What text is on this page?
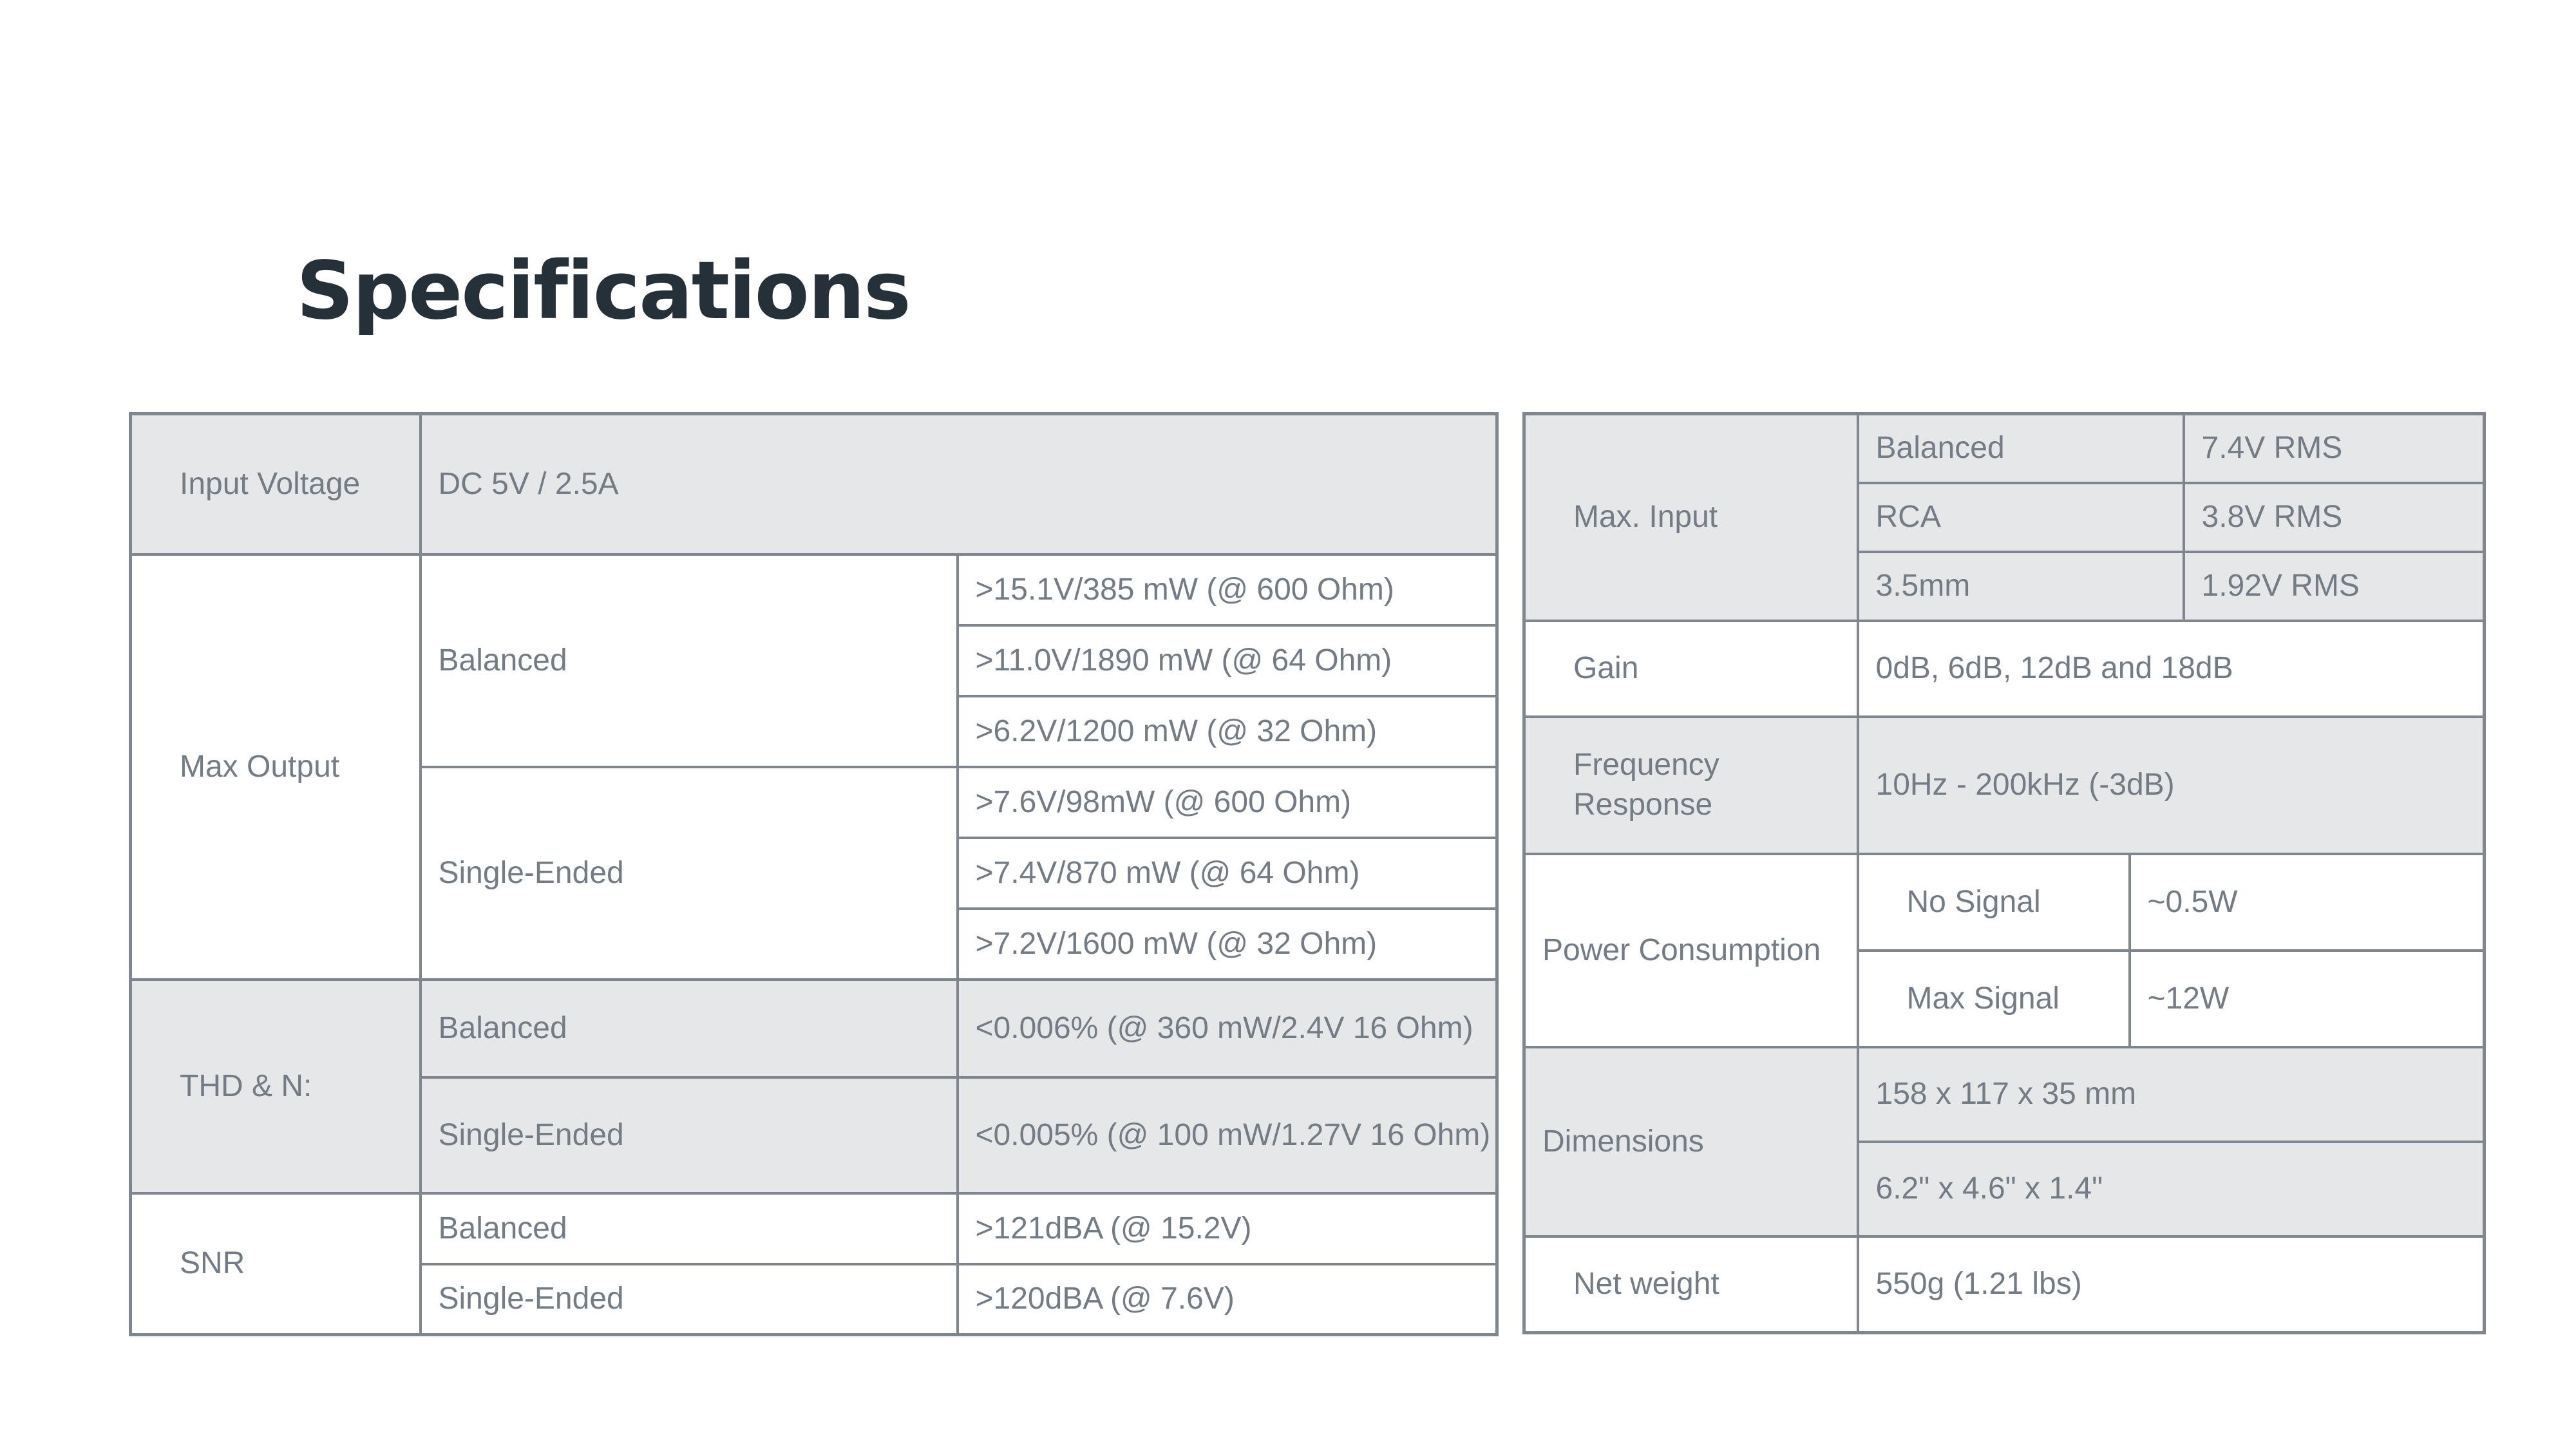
Specifications
Input Voltage	DC 5V / 2.5A	
Max Output	Balanced	>15.1V/385 mW (@ 600 Ohm)
		>11.0V/1890 mW (@ 64 Ohm)
		>6.2V/1200 mW (@ 32 Ohm)
	Single-Ended	>7.6V/98mW (@ 600 Ohm)
		>7.4V/870 mW (@ 64 Ohm)
		>7.2V/1600 mW (@ 32 Ohm)
THD & N:	Balanced	<0.006% (@ 360 mW/2.4V 16 Ohm)
	Single-Ended	<0.005% (@ 100 mW/1.27V 16 Ohm)
SNR	Balanced	>121dBA (@ 15.2V)
	Single-Ended	>120dBA (@ 7.6V)
Max. Input	Balanced		7.4V RMS
	RCA		3.8V RMS
	3.5mm		1.92V RMS
Gain	0dB, 6dB, 12dB and 18dB		
Frequency Response	10Hz - 200kHz (-3dB)		
Power Consumption	No Signal	~0.5W	
	Max Signal	~12W	
Dimensions	158 x 117 x 35 mm		
	6.2" x 4.6" x 1.4"		
Net weight	550g (1.21 lbs)		
